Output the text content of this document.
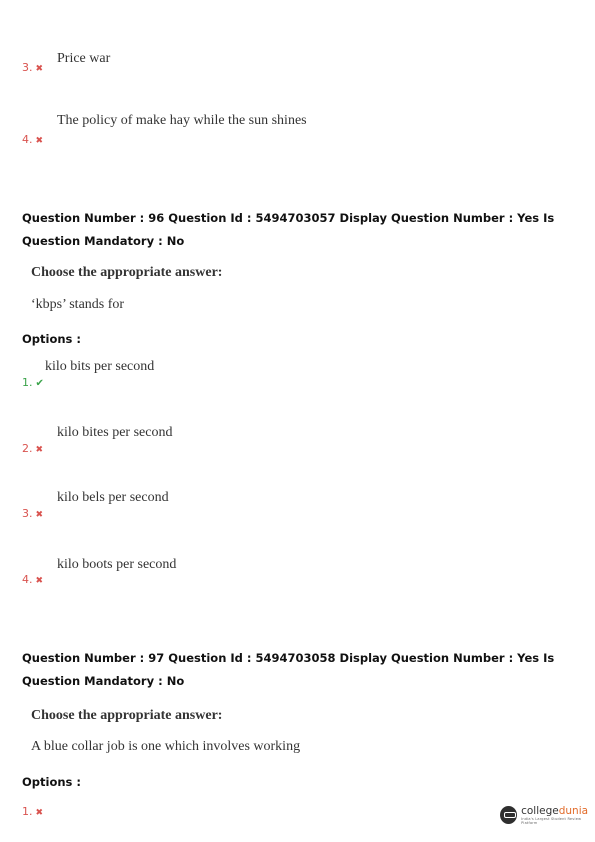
3. ✖
Price war
4. ✖
The policy of make hay while the sun shines
Question Number : 96 Question Id : 5494703057 Display Question Number : Yes Is Question Mandatory : No
Choose the appropriate answer:
‘kbps’ stands for
Options :
1. ✔
kilo bits per second
2. ✖
kilo bites per second
3. ✖
kilo bels per second
4. ✖
kilo boots per second
Question Number : 97 Question Id : 5494703058 Display Question Number : Yes Is Question Mandatory : No
Choose the appropriate answer:
A blue collar job is one which involves working
Options :
1. ✖	collegedunia
India's Largest Student Review Platform
